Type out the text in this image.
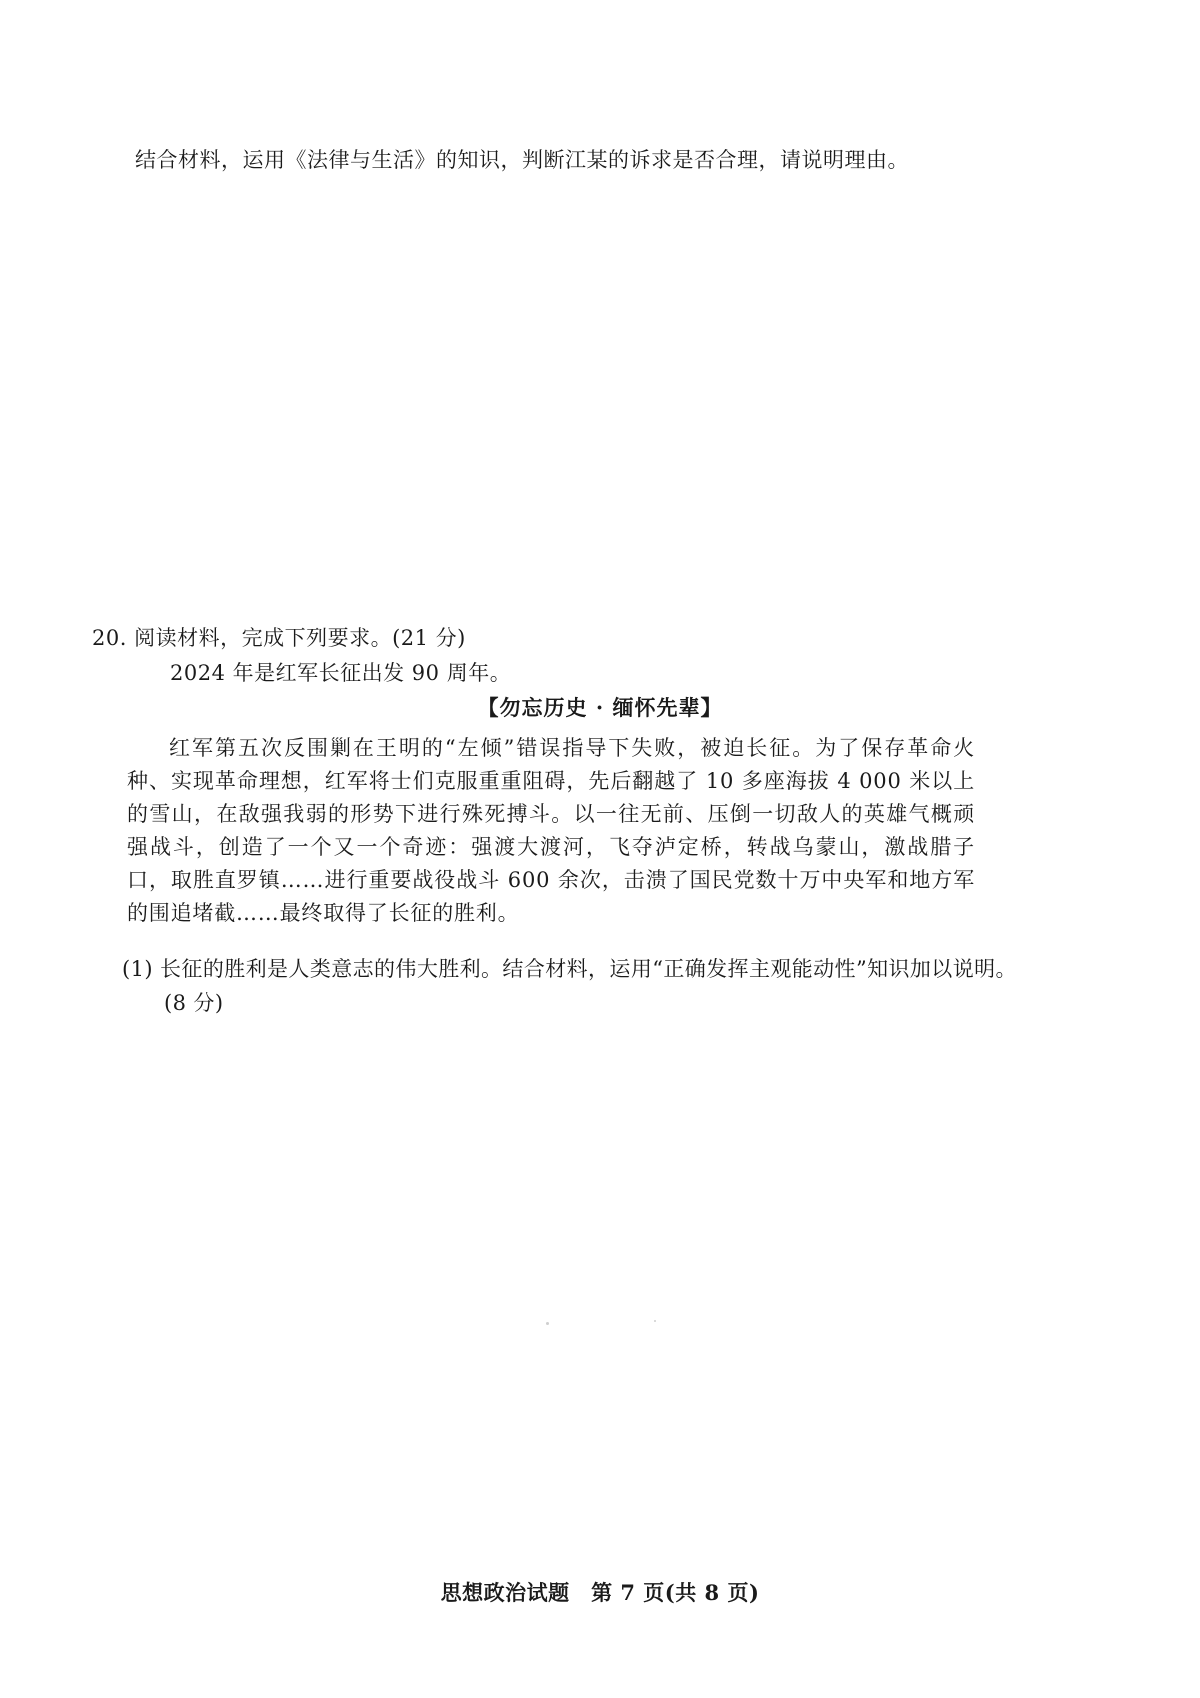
结合材料，运用《法律与生活》的知识，判断江某的诉求是否合理，请说明理由。
20. 阅读材料，完成下列要求。(21 分)
2024 年是红军长征出发 90 周年。
【勿忘历史 · 缅怀先辈】
红军第五次反围剿在王明的“左倾”错误指导下失败，被迫长征。为了保存革命火种、实现革命理想，红军将士们克服重重阻碍，先后翻越了 10 多座海拔 4 000 米以上的雪山，在敌强我弱的形势下进行殊死搏斗。以一往无前、压倒一切敌人的英雄气概顽强战斗，创造了一个又一个奇迹：强渡大渡河，飞夺泸定桥，转战乌蒙山，激战腊子口，取胜直罗镇……进行重要战役战斗 600 余次，击溃了国民党数十万中央军和地方军的围追堵截……最终取得了长征的胜利。
(1) 长征的胜利是人类意志的伟大胜利。结合材料，运用“正确发挥主观能动性”知识加以说明。(8 分)
思想政治试题　第 7 页(共 8 页)
